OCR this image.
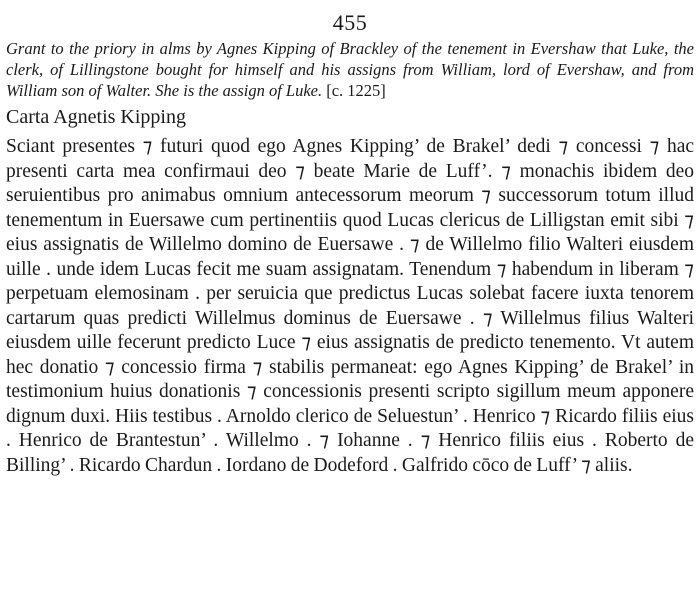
455

Grant to the priory in alms by Agnes Kipping of Brackley of the tenement in Evershaw that Luke, the clerk, of Lillingstone bought for himself and his assigns from William, lord of Evershaw, and from William son of Walter. She is the assign of Luke. [c. 1225]

Carta Agnetis Kipping

Sciant presentes ⁊ futuri quod ego Agnes Kipping’ de Brakel’ dedi ⁊ concessi ⁊ hac presenti carta mea confirmaui deo ⁊ beate Marie de Luff’. ⁊ monachis ibidem deo seruientibus pro animabus omnium antecessorum meorum ⁊ successorum totum illud tenementum in Euersawe cum pertinentiis quod Lucas clericus de Lilligstan emit sibi ⁊ eius assignatis de Willelmo domino de Euersawe . ⁊ de Willelmo filio Walteri eiusdem uille . unde idem Lucas fecit me suam assignatam. Tenendum ⁊ habendum in liberam ⁊ perpetuam elemosinam . per seruicia que predictus Lucas solebat facere iuxta tenorem cartarum quas predicti Willelmus dominus de Euersawe . ⁊ Willelmus filius Walteri eiusdem uille fecerunt predicto Luce ⁊ eius assignatis de predicto tenemento. Vt autem hec donatio ⁊ concessio firma ⁊ stabilis permaneat: ego Agnes Kipping’ de Brakel’ in testimonium huius donationis ⁊ concessionis presenti scripto sigillum meum apponere dignum duxi. Hiis testibus . Arnoldo clerico de Seluestun’ . Henrico ⁊ Ricardo filiis eius . Henrico de Brantestun’ . Willelmo . ⁊ Iohanne . ⁊ Henrico filiis eius . Roberto de Billing’ . Ricardo Chardun . Iordano de Dodeford . Galfrido cōco de Luff’ ⁊ aliis.
